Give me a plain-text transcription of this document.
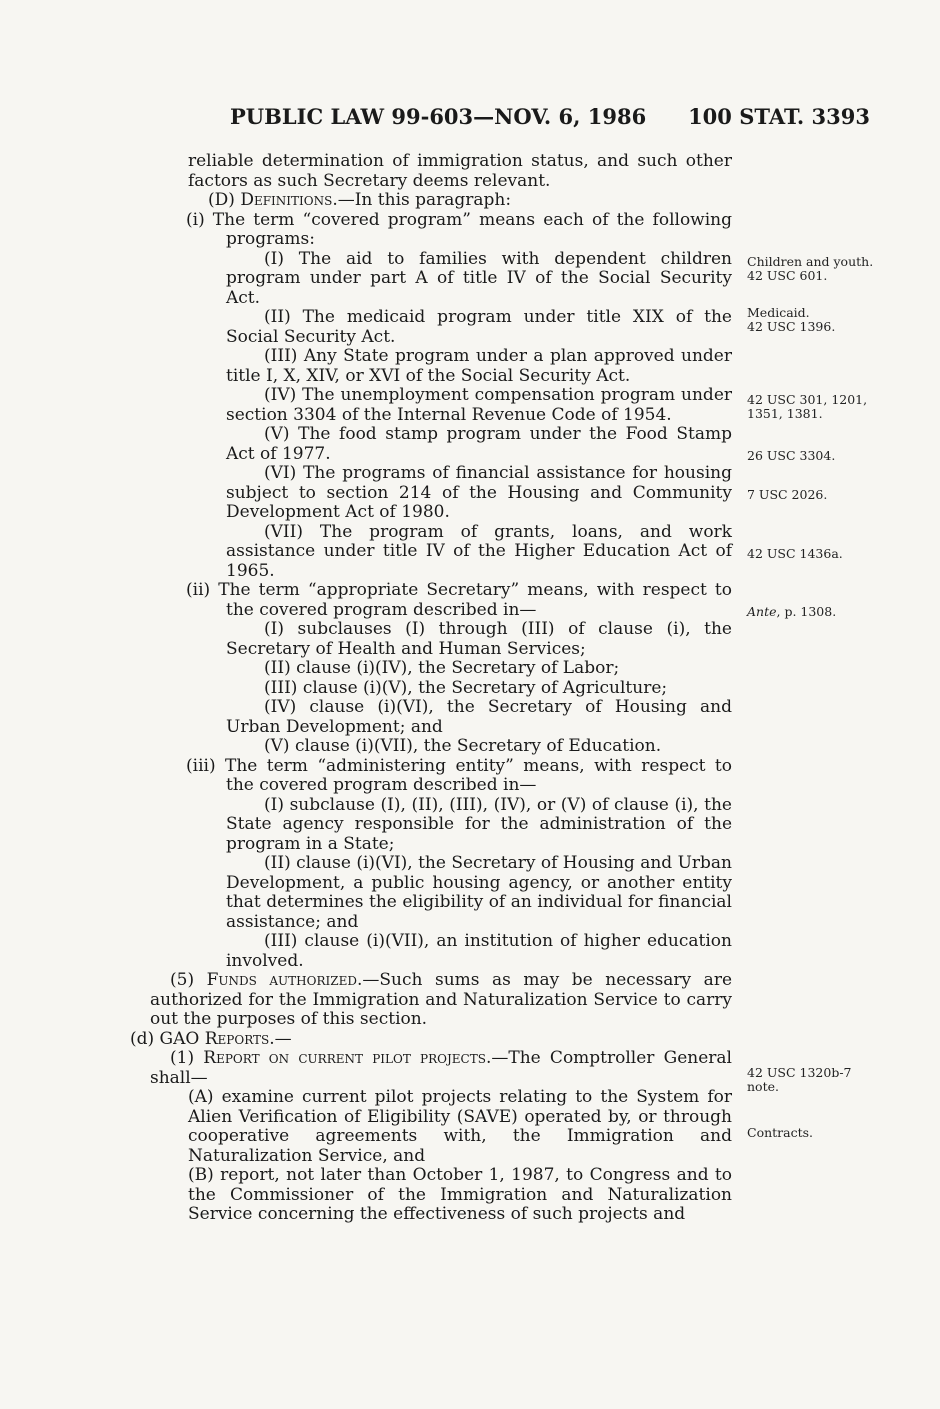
PUBLIC LAW 99-603—NOV. 6, 1986 100 STAT. 3393

reliable determination of immigration status, and such other factors as such Secretary deems relevant.

(D) Definitions.—In this paragraph:

(i) The term “covered program” means each of the following programs:

(I) The aid to families with dependent children program under part A of title IV of the Social Security Act.

(II) The medicaid program under title XIX of the Social Security Act.

(III) Any State program under a plan approved under title I, X, XIV, or XVI of the Social Security Act.

(IV) The unemployment compensation program under section 3304 of the Internal Revenue Code of 1954.

(V) The food stamp program under the Food Stamp Act of 1977.

(VI) The programs of financial assistance for housing subject to section 214 of the Housing and Community Development Act of 1980.

(VII) The program of grants, loans, and work assistance under title IV of the Higher Education Act of 1965.

(ii) The term “appropriate Secretary” means, with respect to the covered program described in—

(I) subclauses (I) through (III) of clause (i), the Secretary of Health and Human Services;

(II) clause (i)(IV), the Secretary of Labor;

(III) clause (i)(V), the Secretary of Agriculture;

(IV) clause (i)(VI), the Secretary of Housing and Urban Development; and

(V) clause (i)(VII), the Secretary of Education.

(iii) The term “administering entity” means, with respect to the covered program described in—

(I) subclause (I), (II), (III), (IV), or (V) of clause (i), the State agency responsible for the administration of the program in a State;

(II) clause (i)(VI), the Secretary of Housing and Urban Development, a public housing agency, or another entity that determines the eligibility of an individual for financial assistance; and

(III) clause (i)(VII), an institution of higher education involved.

(5) Funds authorized.—Such sums as may be necessary are authorized for the Immigration and Naturalization Service to carry out the purposes of this section.

(d) GAO Reports.—

(1) Report on current pilot projects.—The Comptroller General shall—

(A) examine current pilot projects relating to the System for Alien Verification of Eligibility (SAVE) operated by, or through cooperative agreements with, the Immigration and Naturalization Service, and

(B) report, not later than October 1, 1987, to Congress and to the Commissioner of the Immigration and Naturalization Service concerning the effectiveness of such projects and

Children and youth.
42 USC 601.
Medicaid.
42 USC 1396.
42 USC 301, 1201, 1351, 1381.
26 USC 3304.
7 USC 2026.
42 USC 1436a.
Ante, p. 1308.
42 USC 1320b-7 note.
Contracts.
